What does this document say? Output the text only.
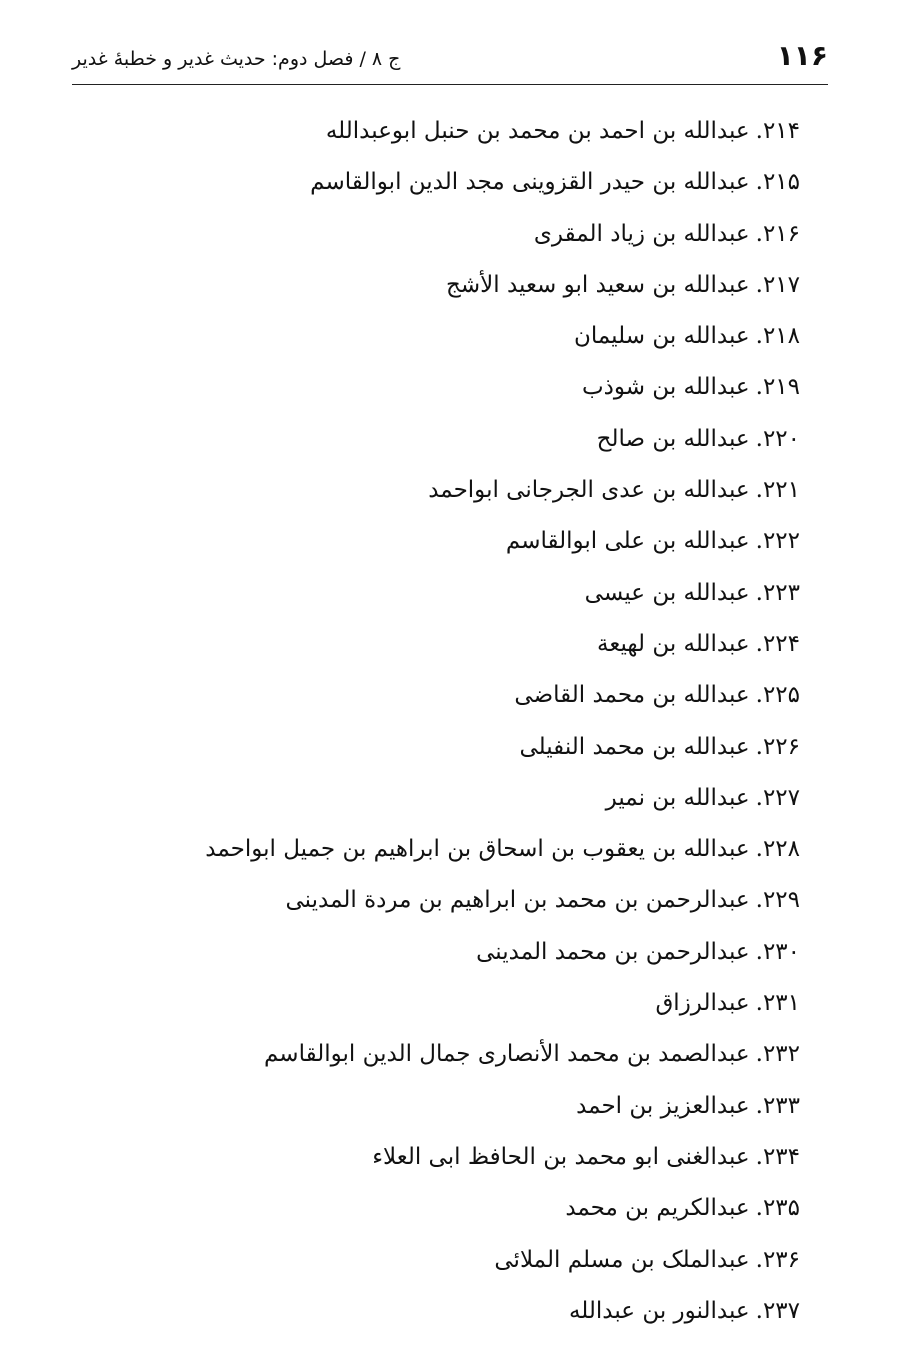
۱۱۶
ج ۸ / فصل دوم: حدیث غدیر و خطبهٔ غدیر
۲۱۴.عبدالله بن احمد بن محمد بن حنبل ابوعبدالله
۲۱۵.عبدالله بن حیدر القزوینی مجد الدین ابوالقاسم
۲۱۶.عبدالله بن زیاد المقری
۲۱۷.عبدالله بن سعید ابو سعید الأشج
۲۱۸.عبدالله بن سلیمان
۲۱۹.عبدالله بن شوذب
۲۲۰.عبدالله بن صالح
۲۲۱.عبدالله بن عدی الجرجانی ابواحمد
۲۲۲.عبدالله بن علی ابوالقاسم
۲۲۳.عبدالله بن عیسی
۲۲۴.عبدالله بن لهیعة
۲۲۵.عبدالله بن محمد القاضی
۲۲۶.عبدالله بن محمد النفیلی
۲۲۷.عبدالله بن نمیر
۲۲۸.عبدالله بن یعقوب بن اسحاق بن ابراهیم بن جمیل ابواحمد
۲۲۹.عبدالرحمن بن محمد بن ابراهیم بن مردة المدینی
۲۳۰.عبدالرحمن بن محمد المدینی
۲۳۱.عبدالرزاق
۲۳۲.عبدالصمد بن محمد الأنصاری جمال الدین ابوالقاسم
۲۳۳.عبدالعزیز بن احمد
۲۳۴.عبدالغنی ابو محمد بن الحافظ ابی العلاء
۲۳۵.عبدالکریم بن محمد
۲۳۶.عبدالملک بن مسلم الملائی
۲۳۷.عبدالنور بن عبدالله
